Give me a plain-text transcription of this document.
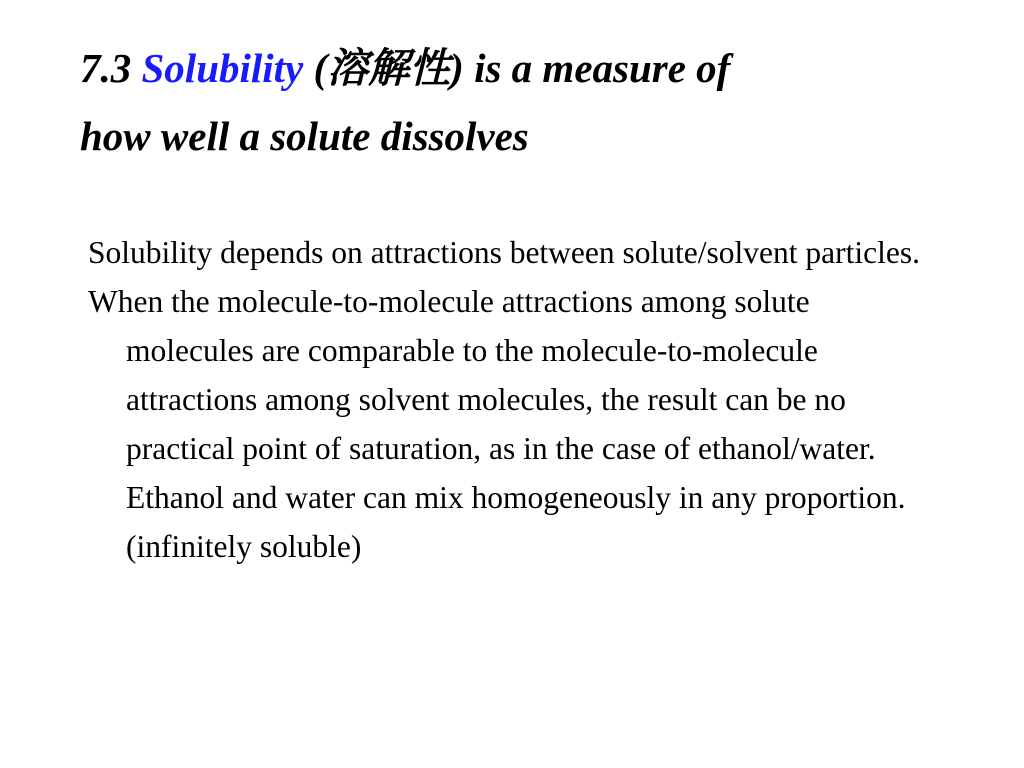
7.3 Solubility (溶解性) is a measure of
how well a solute dissolves

Solubility depends on attractions between solute/solvent particles.

When the molecule-to-molecule attractions among solute molecules are comparable to the molecule-to-molecule attractions among solvent molecules, the result can be no practical point of saturation, as in the case of ethanol/water. Ethanol and water can mix homogeneously in any proportion. (infinitely soluble)
